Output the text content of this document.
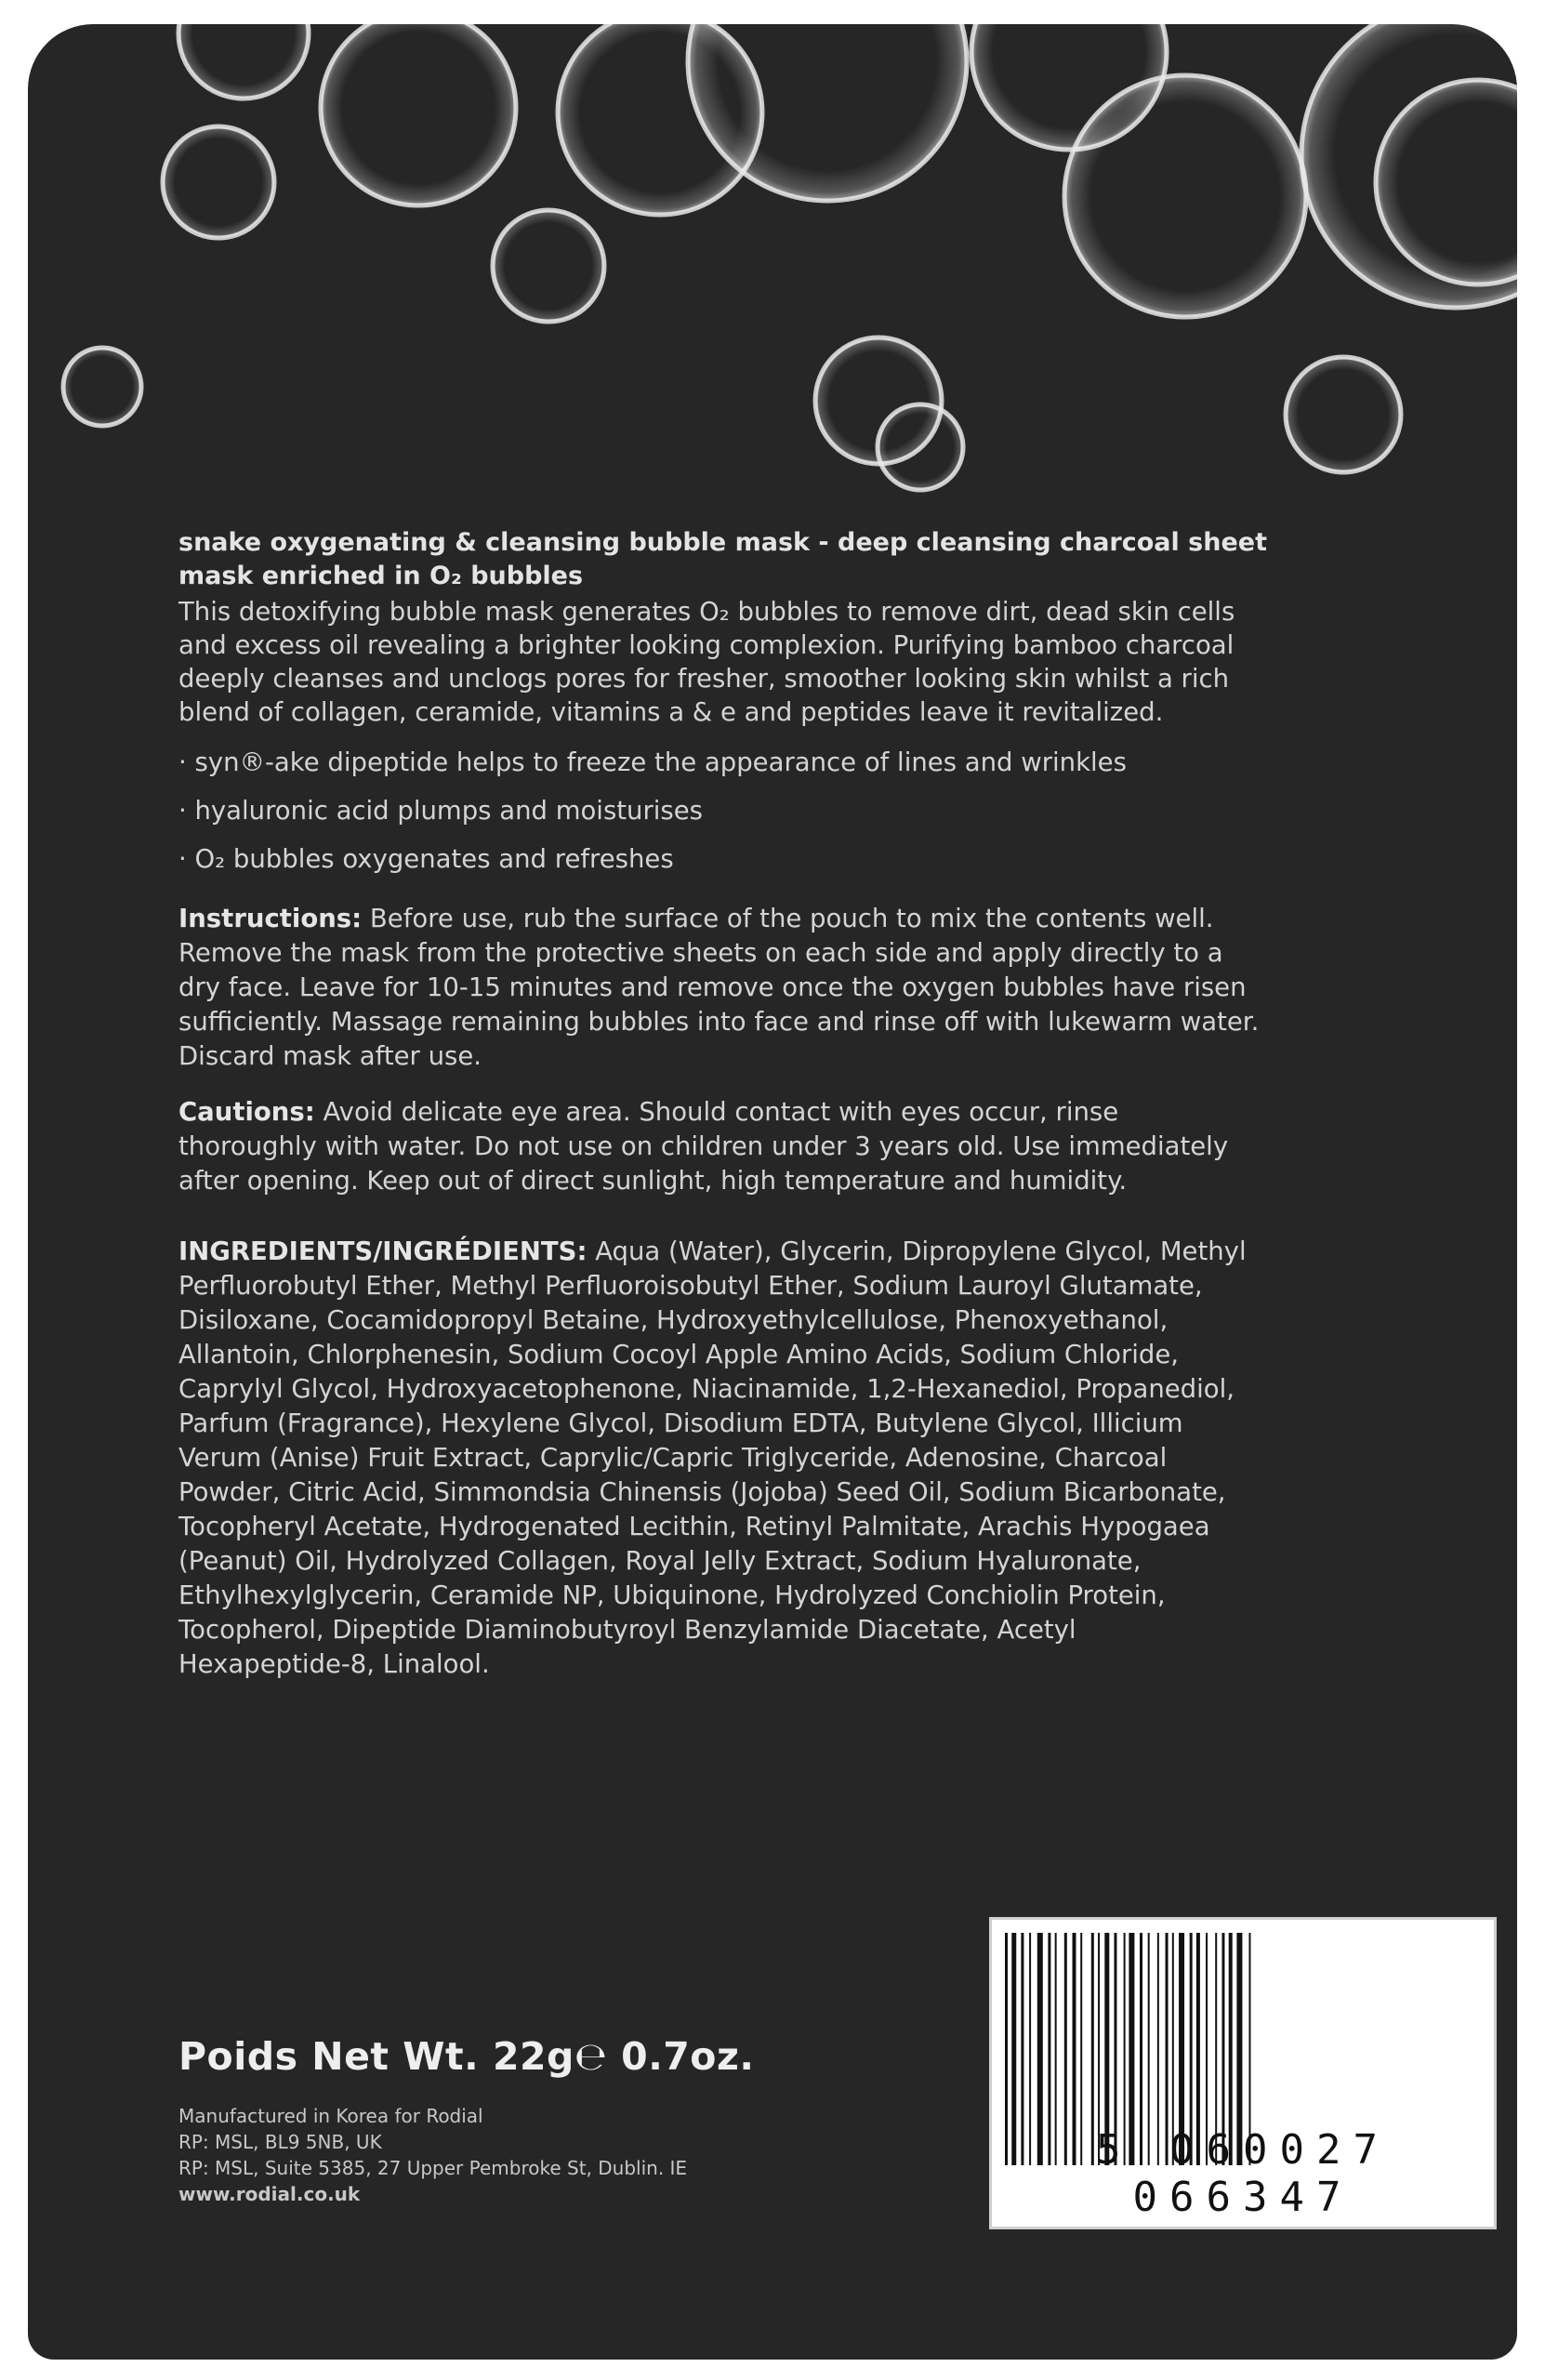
snake oxygenating & cleansing bubble mask - deep cleansing charcoal sheet
mask enriched in O₂ bubbles
This detoxifying bubble mask generates O₂ bubbles to remove dirt, dead skin cells
and excess oil revealing a brighter looking complexion. Purifying bamboo charcoal
deeply cleanses and unclogs pores for fresher, smoother looking skin whilst a rich
blend of collagen, ceramide, vitamins a & e and peptides leave it revitalized.
· syn®-ake dipeptide helps to freeze the appearance of lines and wrinkles
· hyaluronic acid plumps and moisturises
· O₂ bubbles oxygenates and refreshes
Instructions: Before use, rub the surface of the pouch to mix the contents well.
Remove the mask from the protective sheets on each side and apply directly to a
dry face. Leave for 10-15 minutes and remove once the oxygen bubbles have risen
sufficiently. Massage remaining bubbles into face and rinse off with lukewarm water.
Discard mask after use.
Cautions: Avoid delicate eye area. Should contact with eyes occur, rinse
thoroughly with water. Do not use on children under 3 years old. Use immediately
after opening. Keep out of direct sunlight, high temperature and humidity.
INGREDIENTS/INGRÉDIENTS: Aqua (Water), Glycerin, Dipropylene Glycol, Methyl
Perfluorobutyl Ether, Methyl Perfluoroisobutyl Ether, Sodium Lauroyl Glutamate,
Disiloxane, Cocamidopropyl Betaine, Hydroxyethylcellulose, Phenoxyethanol,
Allantoin, Chlorphenesin, Sodium Cocoyl Apple Amino Acids, Sodium Chloride,
Caprylyl Glycol, Hydroxyacetophenone, Niacinamide, 1,2-Hexanediol, Propanediol,
Parfum (Fragrance), Hexylene Glycol, Disodium EDTA, Butylene Glycol, Illicium
Verum (Anise) Fruit Extract, Caprylic/Capric Triglyceride, Adenosine, Charcoal
Powder, Citric Acid, Simmondsia Chinensis (Jojoba) Seed Oil, Sodium Bicarbonate,
Tocopheryl Acetate, Hydrogenated Lecithin, Retinyl Palmitate, Arachis Hypogaea
(Peanut) Oil, Hydrolyzed Collagen, Royal Jelly Extract, Sodium Hyaluronate,
Ethylhexylglycerin, Ceramide NP, Ubiquinone, Hydrolyzed Conchiolin Protein,
Tocopherol, Dipeptide Diaminobutyroyl Benzylamide Diacetate, Acetyl
Hexapeptide-8, Linalool.
Poids Net Wt. 22g℮ 0.7oz.
Manufactured in Korea for Rodial
RP: MSL, BL9 5NB, UK
RP: MSL, Suite 5385, 27 Upper Pembroke St, Dublin. IE
www.rodial.co.uk
5 060027 066347
